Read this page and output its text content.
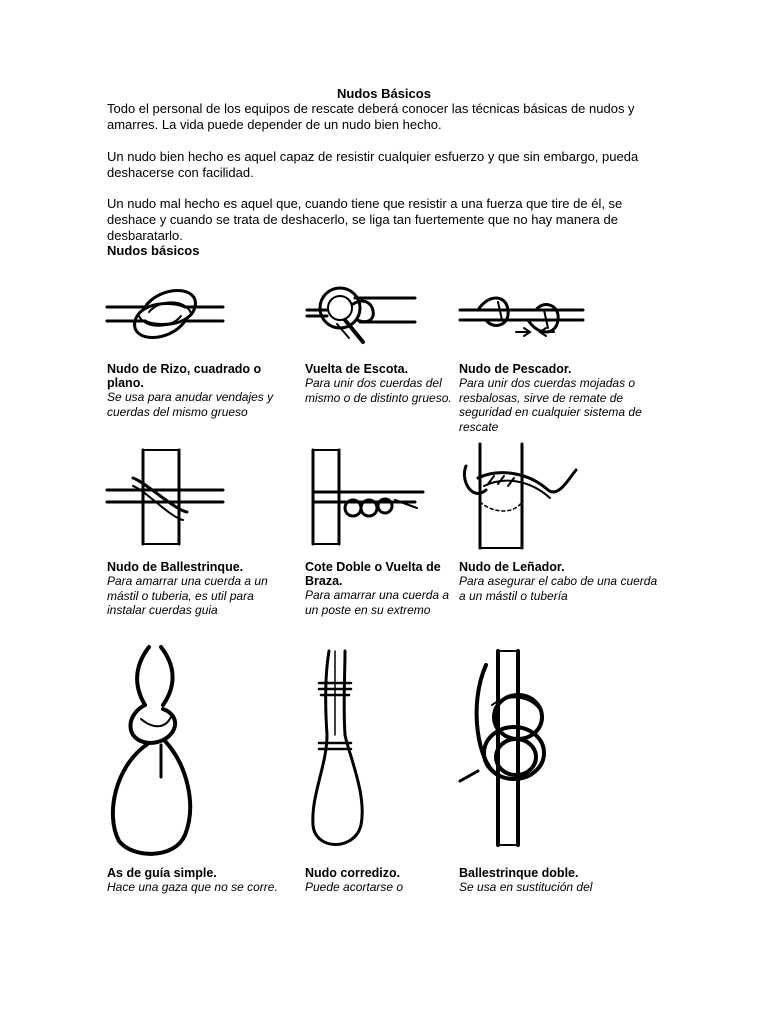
Nudos Básicos
Todo el personal de los equipos de rescate deberá conocer las técnicas básicas de nudos y amarres. La vida puede depender de un nudo bien hecho.
Un nudo bien hecho es aquel capaz de resistir cualquier esfuerzo y que sin embargo, pueda deshacerse con facilidad.
Un nudo mal hecho es aquel que, cuando tiene que resistir a una fuerza que tire de él, se deshace y cuando se trata de deshacerlo, se liga tan fuertemente que no hay manera de desbaratarlo.
Nudos básicos
Nudo de Rizo, cuadrado o plano.
Se usa para anudar vendajes y cuerdas del mismo grueso
Vuelta de Escota.
Para unir dos cuerdas del mismo o de distinto grueso.
Nudo de Pescador.
Para unir dos cuerdas mojadas o resbalosas, sirve de remate de seguridad en cualquier sistema de rescate
Nudo de Ballestrinque.
Para amarrar una cuerda a un mástil o tuberia, es util para instalar cuerdas guia
Cote Doble o Vuelta de Braza.
Para amarrar una cuerda a un poste en su extremo
Nudo de Leñador.
Para asegurar el cabo de una cuerda a un mástil o tubería
As de guía simple.
Hace una gaza que no se corre.
Nudo corredizo.
Puede acortarse o
Ballestrinque doble.
Se usa en sustitución del
